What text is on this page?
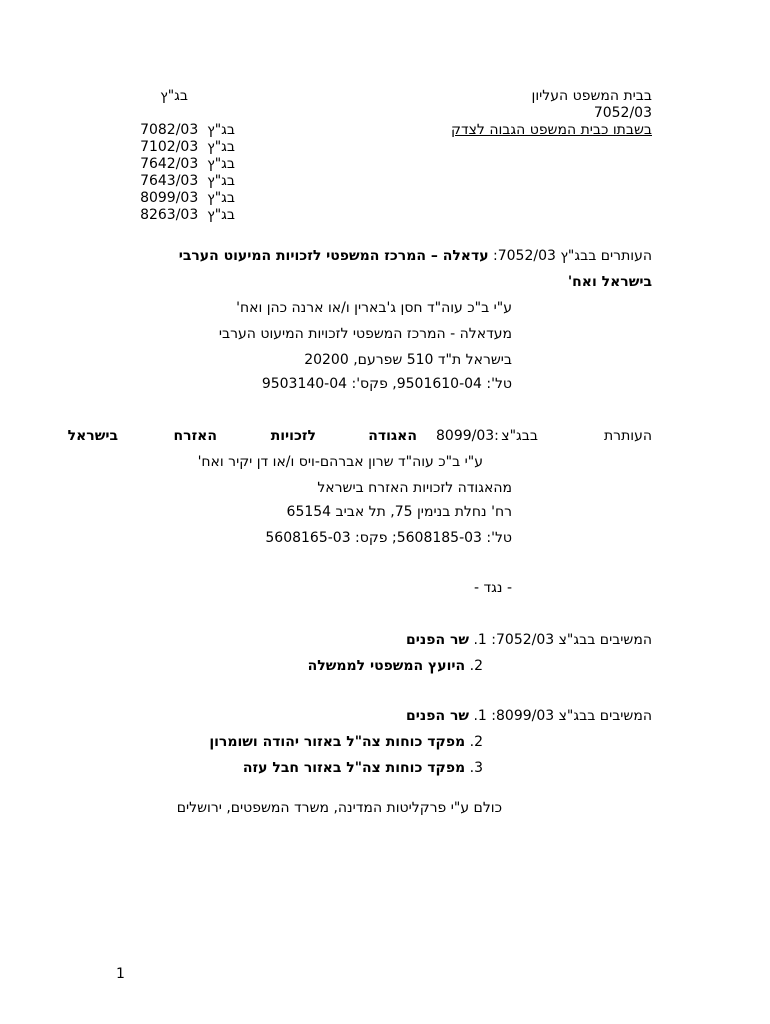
בבית המשפט העליון
7052/03
בשבתו כבית המשפט הגבוה לצדק
בג"ץ
בג"ץ  7082/03
בג"ץ  7102/03
בג"ץ  7642/03
בג"ץ  7643/03
בג"ץ  8099/03
בג"ץ  8263/03
העותרים בבג"ץ 7052/03: עדאלה – המרכז המשפטי לזכויות המיעוט הערבי
בישראל ואח'
ע"י ב"כ עוה"ד חסן ג'בארין ו/או ארנה כהן ואח'
מעדאלה - המרכז המשפטי לזכויות המיעוט הערבי
בישראל ת"ד 510 שפרעם, 20200
טל': 9501610-04, פקס': 9503140-04
העותרת
בבג"צ
8099/03:
האגודה
לזכויות
האזרח
בישראל
ע"י ב"כ עוה"ד שרון אברהם-ויס ו/או דן יקיר ואח'
מהאגודה לזכויות האזרח בישראל
רח' נחלת בנימין 75, תל אביב 65154
טל': 5608185-03; פקס: 5608165-03
- נגד -
המשיבים בבג"צ 7052/03: 1. שר הפנים
2. היועץ המשפטי לממשלה
המשיבים בבג"צ 8099/03: 1. שר הפנים
2. מפקד כוחות צה"ל באזור יהודה ושומרון
3. מפקד כוחות צה"ל באזור חבל עזה
כולם ע"י פרקליטות המדינה, משרד המשפטים, ירושלים
1
